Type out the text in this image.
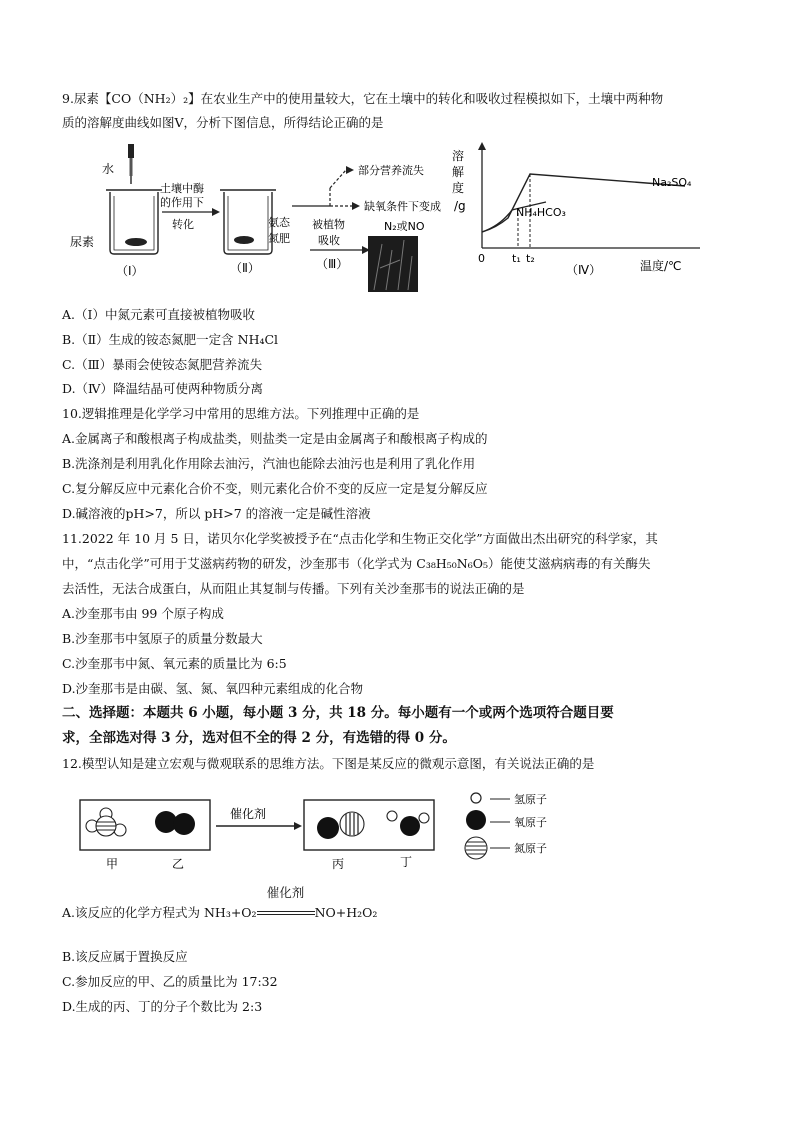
9.尿素【CO（NH₂）₂】在农业生产中的使用量较大，它在土壤中的转化和吸收过程模拟如下，土壤中两种物
质的溶解度曲线如图Ⅴ，分析下图信息，所得结论正确的是
水
尿素
（Ⅰ）
土壤中酶
的作用下
转化	氨态
氮肥
（Ⅱ）
被植物
吸收
（Ⅲ）
部分营养流失
缺氧条件下变成
N₂或NO
溶
解
度
/g
Na₂SO₄
NH₄HCO₃
0 t₁ t₂
温度/℃
（Ⅳ）
A.（Ⅰ）中氮元素可直接被植物吸收
B.（Ⅱ）生成的铵态氮肥一定含 NH₄Cl
C.（Ⅲ）暴雨会使铵态氮肥营养流失
D.（Ⅳ）降温结晶可使两种物质分离
10.逻辑推理是化学学习中常用的思维方法。下列推理中正确的是
A.金属离子和酸根离子构成盐类，则盐类一定是由金属离子和酸根离子构成的
B.洗涤剂是利用乳化作用除去油污，汽油也能除去油污也是利用了乳化作用
C.复分解反应中元素化合价不变，则元素化合价不变的反应一定是复分解反应
D.碱溶液的pH>7，所以 pH>7 的溶液一定是碱性溶液
11.2022 年 10 月 5 日，诺贝尔化学奖被授予在“点击化学和生物正交化学”方面做出杰出研究的科学家，其
中，“点击化学”可用于艾滋病药物的研发，沙奎那韦（化学式为 C₃₈H₅₀N₆O₅）能使艾滋病病毒的有关酶失
去活性，无法合成蛋白，从而阻止其复制与传播。下列有关沙奎那韦的说法正确的是
A.沙奎那韦由 99 个原子构成
B.沙奎那韦中氢原子的质量分数最大
C.沙奎那韦中氮、氧元素的质量比为 6:5
D.沙奎那韦是由碳、氢、氮、氧四种元素组成的化合物
二、选择题：本题共 6 小题，每小题 3 分，共 18 分。每小题有一个或两个选项符合题目要
求，全部选对得 3 分，选对但不全的得 2 分，有选错的得 0 分。
12.模型认知是建立宏观与微观联系的思维方法。下图是某反应的微观示意图，有关说法正确的是
甲	乙
催化剂
丙	丁
氢原子
氧原子
氮原子
A.该反应的化学方程式为 NH₃+O₂
催化剂
NO+H₂O₂
B.该反应属于置换反应
C.参加反应的甲、乙的质量比为 17:32
D.生成的丙、丁的分子个数比为 2:3
